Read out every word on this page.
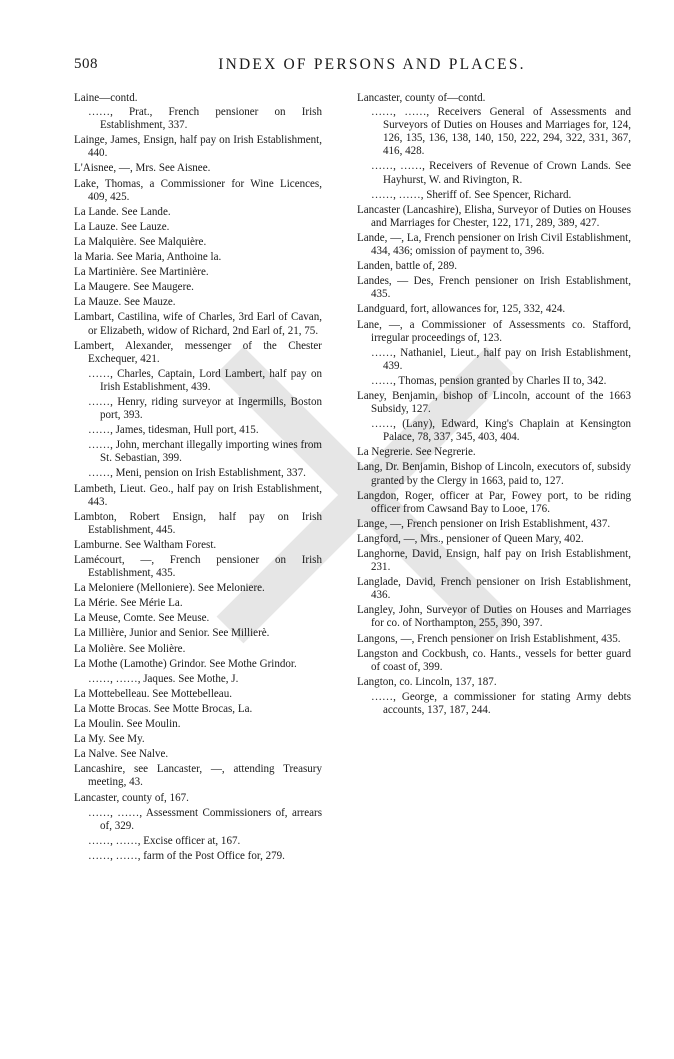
508	INDEX OF PERSONS AND PLACES.

Laine—contd.

……, Prat., French pensioner on Irish Establishment, 337.

Lainge, James, Ensign, half pay on Irish Establishment, 440.

L'Aisnee, —, Mrs. See Aisnee.

Lake, Thomas, a Commissioner for Wine Licences, 409, 425.

La Lande. See Lande.

La Lauze. See Lauze.

La Malquière. See Malquière.

la Maria. See Maria, Anthoine la.

La Martinière. See Martinière.

La Maugere. See Maugere.

La Mauze. See Mauze.

Lambart, Castilina, wife of Charles, 3rd Earl of Cavan, or Elizabeth, widow of Richard, 2nd Earl of, 21, 75.

Lambert, Alexander, messenger of the Chester Exchequer, 421.

……, Charles, Captain, Lord Lambert, half pay on Irish Establishment, 439.

……, Henry, riding surveyor at Ingermills, Boston port, 393.

……, James, tidesman, Hull port, 415.

……, John, merchant illegally importing wines from St. Sebastian, 399.

……, Meni, pension on Irish Establishment, 337.

Lambeth, Lieut. Geo., half pay on Irish Establishment, 443.

Lambton, Robert Ensign, half pay on Irish Establishment, 445.

Lamburne. See Waltham Forest.

Lamécourt, —, French pensioner on Irish Establishment, 435.

La Meloniere (Melloniere). See Meloniere.

La Mérie. See Mérie La.

La Meuse, Comte. See Meuse.

La Millière, Junior and Senior. See Millierè.

La Molière. See Molière.

La Mothe (Lamothe) Grindor. See Mothe Grindor.

……, ……, Jaques. See Mothe, J.

La Mottebelleau. See Mottebelleau.

La Motte Brocas. See Motte Brocas, La.

La Moulin. See Moulin.

La My. See My.

La Nalve. See Nalve.

Lancashire, see Lancaster, —, attending Treasury meeting, 43.

Lancaster, county of, 167.

……, ……, Assessment Commissioners of, arrears of, 329.

……, ……, Excise officer at, 167.

……, ……, farm of the Post Office for, 279.

Lancaster, county of—contd.

……, ……, Receivers General of Assessments and Surveyors of Duties on Houses and Marriages for, 124, 126, 135, 136, 138, 140, 150, 222, 294, 322, 331, 367, 416, 428.

……, ……, Receivers of Revenue of Crown Lands. See Hayhurst, W. and Rivington, R.

……, ……, Sheriff of. See Spencer, Richard.

Lancaster (Lancashire), Elisha, Surveyor of Duties on Houses and Marriages for Chester, 122, 171, 289, 389, 427.

Lande, —, La, French pensioner on Irish Civil Establishment, 434, 436; omission of payment to, 396.

Landen, battle of, 289.

Landes, — Des, French pensioner on Irish Establishment, 435.

Landguard, fort, allowances for, 125, 332, 424.

Lane, —, a Commissioner of Assessments co. Stafford, irregular proceedings of, 123.

……, Nathaniel, Lieut., half pay on Irish Establishment, 439.

……, Thomas, pension granted by Charles II to, 342.

Laney, Benjamin, bishop of Lincoln, account of the 1663 Subsidy, 127.

……, (Lany), Edward, King's Chaplain at Kensington Palace, 78, 337, 345, 403, 404.

La Negrerie. See Negrerie.

Lang, Dr. Benjamin, Bishop of Lincoln, executors of, subsidy granted by the Clergy in 1663, paid to, 127.

Langdon, Roger, officer at Par, Fowey port, to be riding officer from Cawsand Bay to Looe, 176.

Lange, —, French pensioner on Irish Establishment, 437.

Langford, —, Mrs., pensioner of Queen Mary, 402.

Langhorne, David, Ensign, half pay on Irish Establishment, 231.

Langlade, David, French pensioner on Irish Establishment, 436.

Langley, John, Surveyor of Duties on Houses and Marriages for co. of Northampton, 255, 390, 397.

Langons, —, French pensioner on Irish Establishment, 435.

Langston and Cockbush, co. Hants., vessels for better guard of coast of, 399.

Langton, co. Lincoln, 137, 187.

……, George, a commissioner for stating Army debts accounts, 137, 187, 244.
